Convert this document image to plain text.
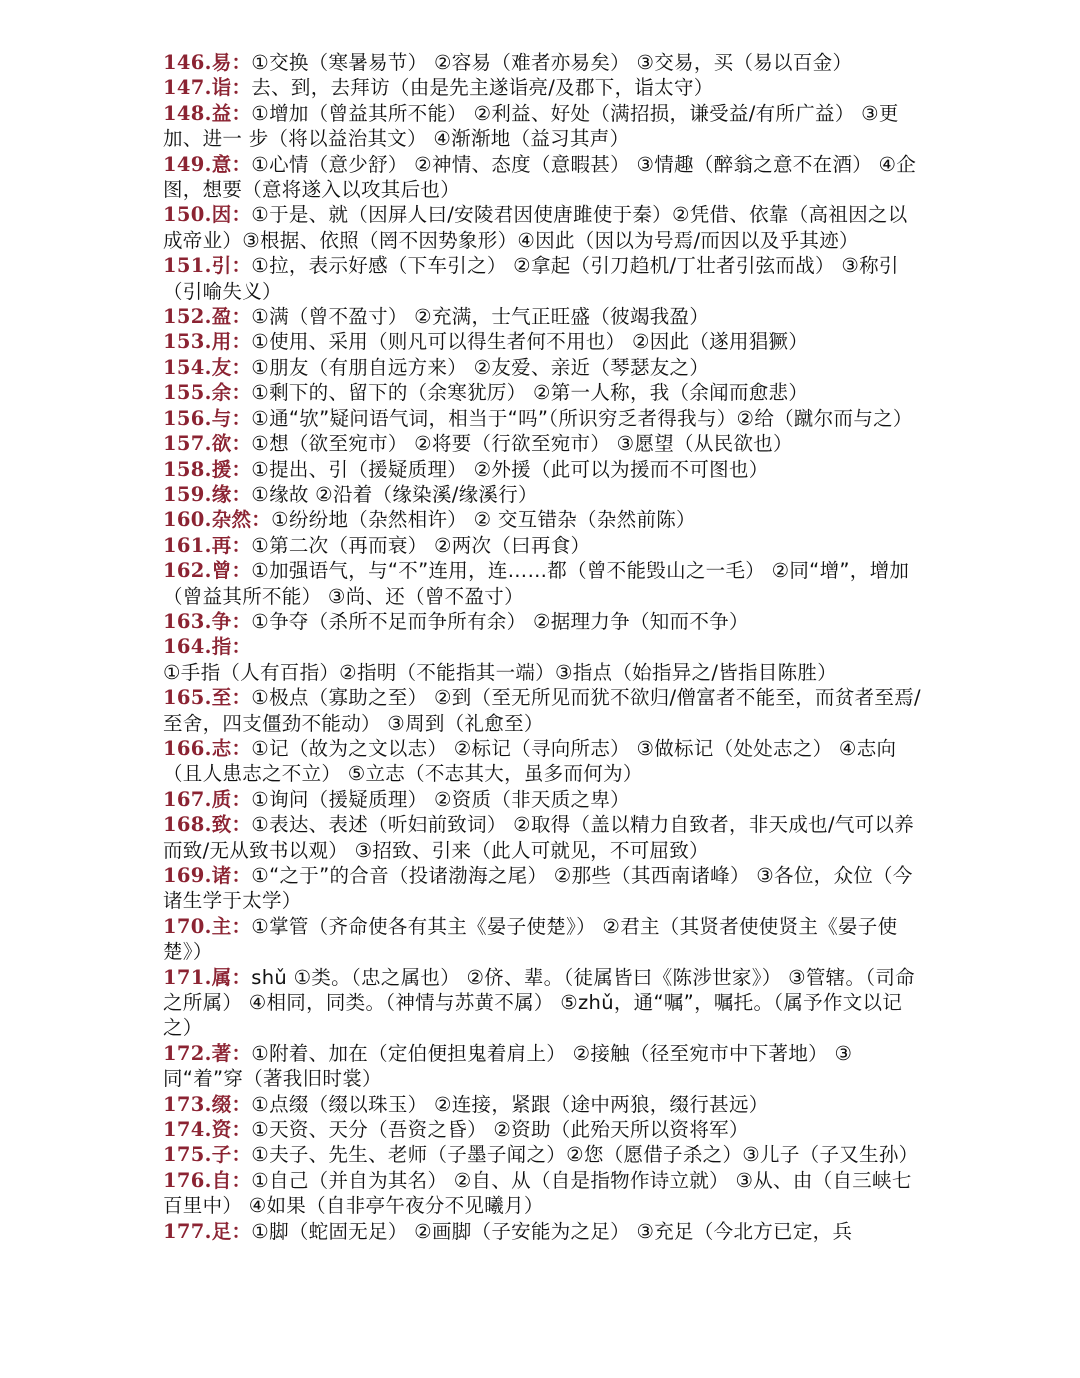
146.易：①交换（寒暑易节） ②容易（难者亦易矣） ③交易，买（易以百金）

147.诣：去、到，去拜访（由是先主遂诣亮/及郡下，诣太守）

148.益：①增加（曾益其所不能） ②利益、好处（满招损，谦受益/有所广益） ③更加、进一 步（将以益治其文） ④渐渐地（益习其声）

149.意：①心情（意少舒） ②神情、态度（意暇甚） ③情趣（醉翁之意不在酒） ④企图，想要（意将遂入以攻其后也）

150.因：①于是、就（因屏人曰/安陵君因使唐雎使于秦）②凭借、依靠（高祖因之以成帝业）③根据、依照（罔不因势象形）④因此（因以为号焉/而因以及乎其迹）

151.引：①拉，表示好感（下车引之） ②拿起（引刀趋机/丁壮者引弦而战） ③称引（引喻失义）

152.盈：①满（曾不盈寸） ②充满，士气正旺盛（彼竭我盈）

153.用：①使用、采用（则凡可以得生者何不用也） ②因此（遂用猖獗）

154.友：①朋友（有朋自远方来） ②友爱、亲近（琴瑟友之）

155.余：①剩下的、留下的（余寒犹厉） ②第一人称，我（余闻而愈悲）

156.与：①通“欤”疑问语气词，相当于“吗”（所识穷乏者得我与）②给（蹴尔而与之）

157.欲：①想（欲至宛市） ②将要（行欲至宛市） ③愿望（从民欲也）

158.援：①提出、引（援疑质理） ②外援（此可以为援而不可图也）

159.缘：①缘故 ②沿着（缘染溪/缘溪行）

160.杂然：①纷纷地（杂然相许） ② 交互错杂（杂然前陈）

161.再：①第二次（再而衰） ②两次（曰再食）

162.曾：①加强语气，与“不”连用，连……都（曾不能毁山之一毛） ②同“增”，增加（曾益其所不能） ③尚、还（曾不盈寸）

163.争：①争夺（杀所不足而争所有余） ②据理力争（知而不争）

164.指：①手指（人有百指）②指明（不能指其一端）③指点（始指异之/皆指目陈胜）

165.至：①极点（寡助之至） ②到（至无所见而犹不欲归/僧富者不能至，而贫者至焉/至舍，四支僵劲不能动） ③周到（礼愈至）

166.志：①记（故为之文以志） ②标记（寻向所志） ③做标记（处处志之） ④志向（且人患志之不立） ⑤立志（不志其大，虽多而何为）

167.质：①询问（援疑质理） ②资质（非天质之卑）

168.致：①表达、表述（听妇前致词） ②取得（盖以精力自致者，非天成也/气可以养而致/无从致书以观） ③招致、引来（此人可就见，不可屈致）

169.诸：①“之于”的合音（投诸渤海之尾） ②那些（其西南诸峰） ③各位，众位（今诸生学于太学）

170.主：①掌管（齐命使各有其主《晏子使楚》） ②君主（其贤者使使贤主《晏子使楚》）

171.属：shǔ ①类。（忠之属也） ②侪、辈。（徒属皆曰《陈涉世家》） ③管辖。（司命之所属） ④相同，同类。（神情与苏黄不属） ⑤zhǔ，通“嘱”，嘱托。（属予作文以记之）

172.著：①附着、加在（定伯便担鬼着肩上） ②接触（径至宛市中下著地） ③同“着”穿（著我旧时裳）

173.缀：①点缀（缀以珠玉） ②连接，紧跟（途中两狼，缀行甚远）

174.资：①天资、天分（吾资之昏） ②资助（此殆天所以资将军）

175.子：①夫子、先生、老师（子墨子闻之）②您（愿借子杀之）③儿子（子又生孙）

176.自：①自己（并自为其名） ②自、从（自是指物作诗立就） ③从、由（自三峡七百里中） ④如果（自非亭午夜分不见曦月）

177.足：①脚（蛇固无足） ②画脚（子安能为之足） ③充足（今北方已定，兵
